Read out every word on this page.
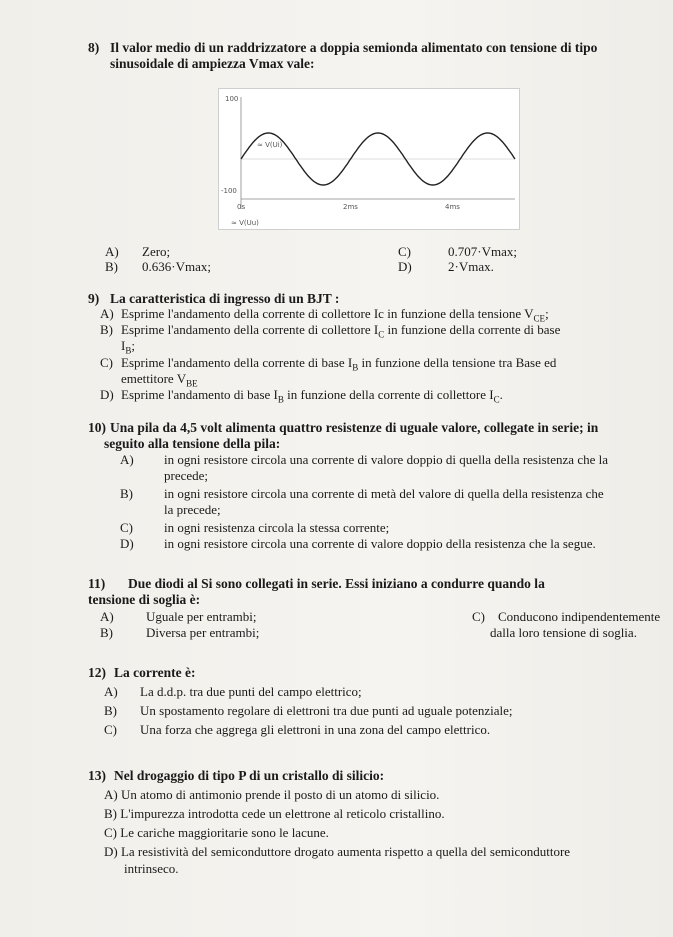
8) Il valor medio di un raddrizzatore a doppia semionda alimentato con tensione di tipo
sinusoidale di ampiezza Vmax vale:
100
-100
≈ V(Ui)
≈ V(Uu)
0s	2ms	4ms
A) Zero;
B) 0.636·Vmax;
C)	0.707·Vmax;
D)	2·Vmax.
9) La caratteristica di ingresso di un BJT :
A) Esprime l'andamento della corrente di collettore Ic in funzione della tensione $V_{CE}$;
B) Esprime l'andamento della corrente di collettore $I_C$ in funzione della corrente di base
$I_B$;
C) Esprime l'andamento della corrente di base $I_B$ in funzione della tensione tra Base ed
emettitore $V_{BE}$
D) Esprime l'andamento di base $I_B$ in funzione della corrente di collettore $I_C$.
10) Una pila da 4,5 volt alimenta quattro resistenze di uguale valore, collegate in serie; in
seguito alla tensione della pila:
A) in ogni resistore circola una corrente di valore doppio di quella della resistenza che la
precede;
B) in ogni resistore circola una corrente di metà del valore di quella della resistenza che
la precede;
C) in ogni resistenza circola la stessa corrente;
D) in ogni resistore circola una corrente di valore doppio della resistenza che la segue.
11) Due diodi al Si sono collegati in serie. Essi iniziano a condurre quando la
tensione di soglia è:
A) Uguale per entrambi;
B)	Diversa per entrambi;
C) Conducono indipendentemente
dalla loro tensione di soglia.
12) La corrente è:
A) La d.d.p. tra due punti del campo elettrico;
B) Un spostamento regolare di elettroni tra due punti ad uguale potenziale;
C) Una forza che aggrega gli elettroni in una zona del campo elettrico.
13) Nel drogaggio di tipo P di un cristallo di silicio:
A) Un atomo di antimonio prende il posto di un atomo di silicio.
B) L'impurezza introdotta cede un elettrone al reticolo cristallino.
C) Le cariche maggioritarie sono le lacune.
D) La resistività del semiconduttore drogato aumenta rispetto a quella del semiconduttore
intrinseco.
